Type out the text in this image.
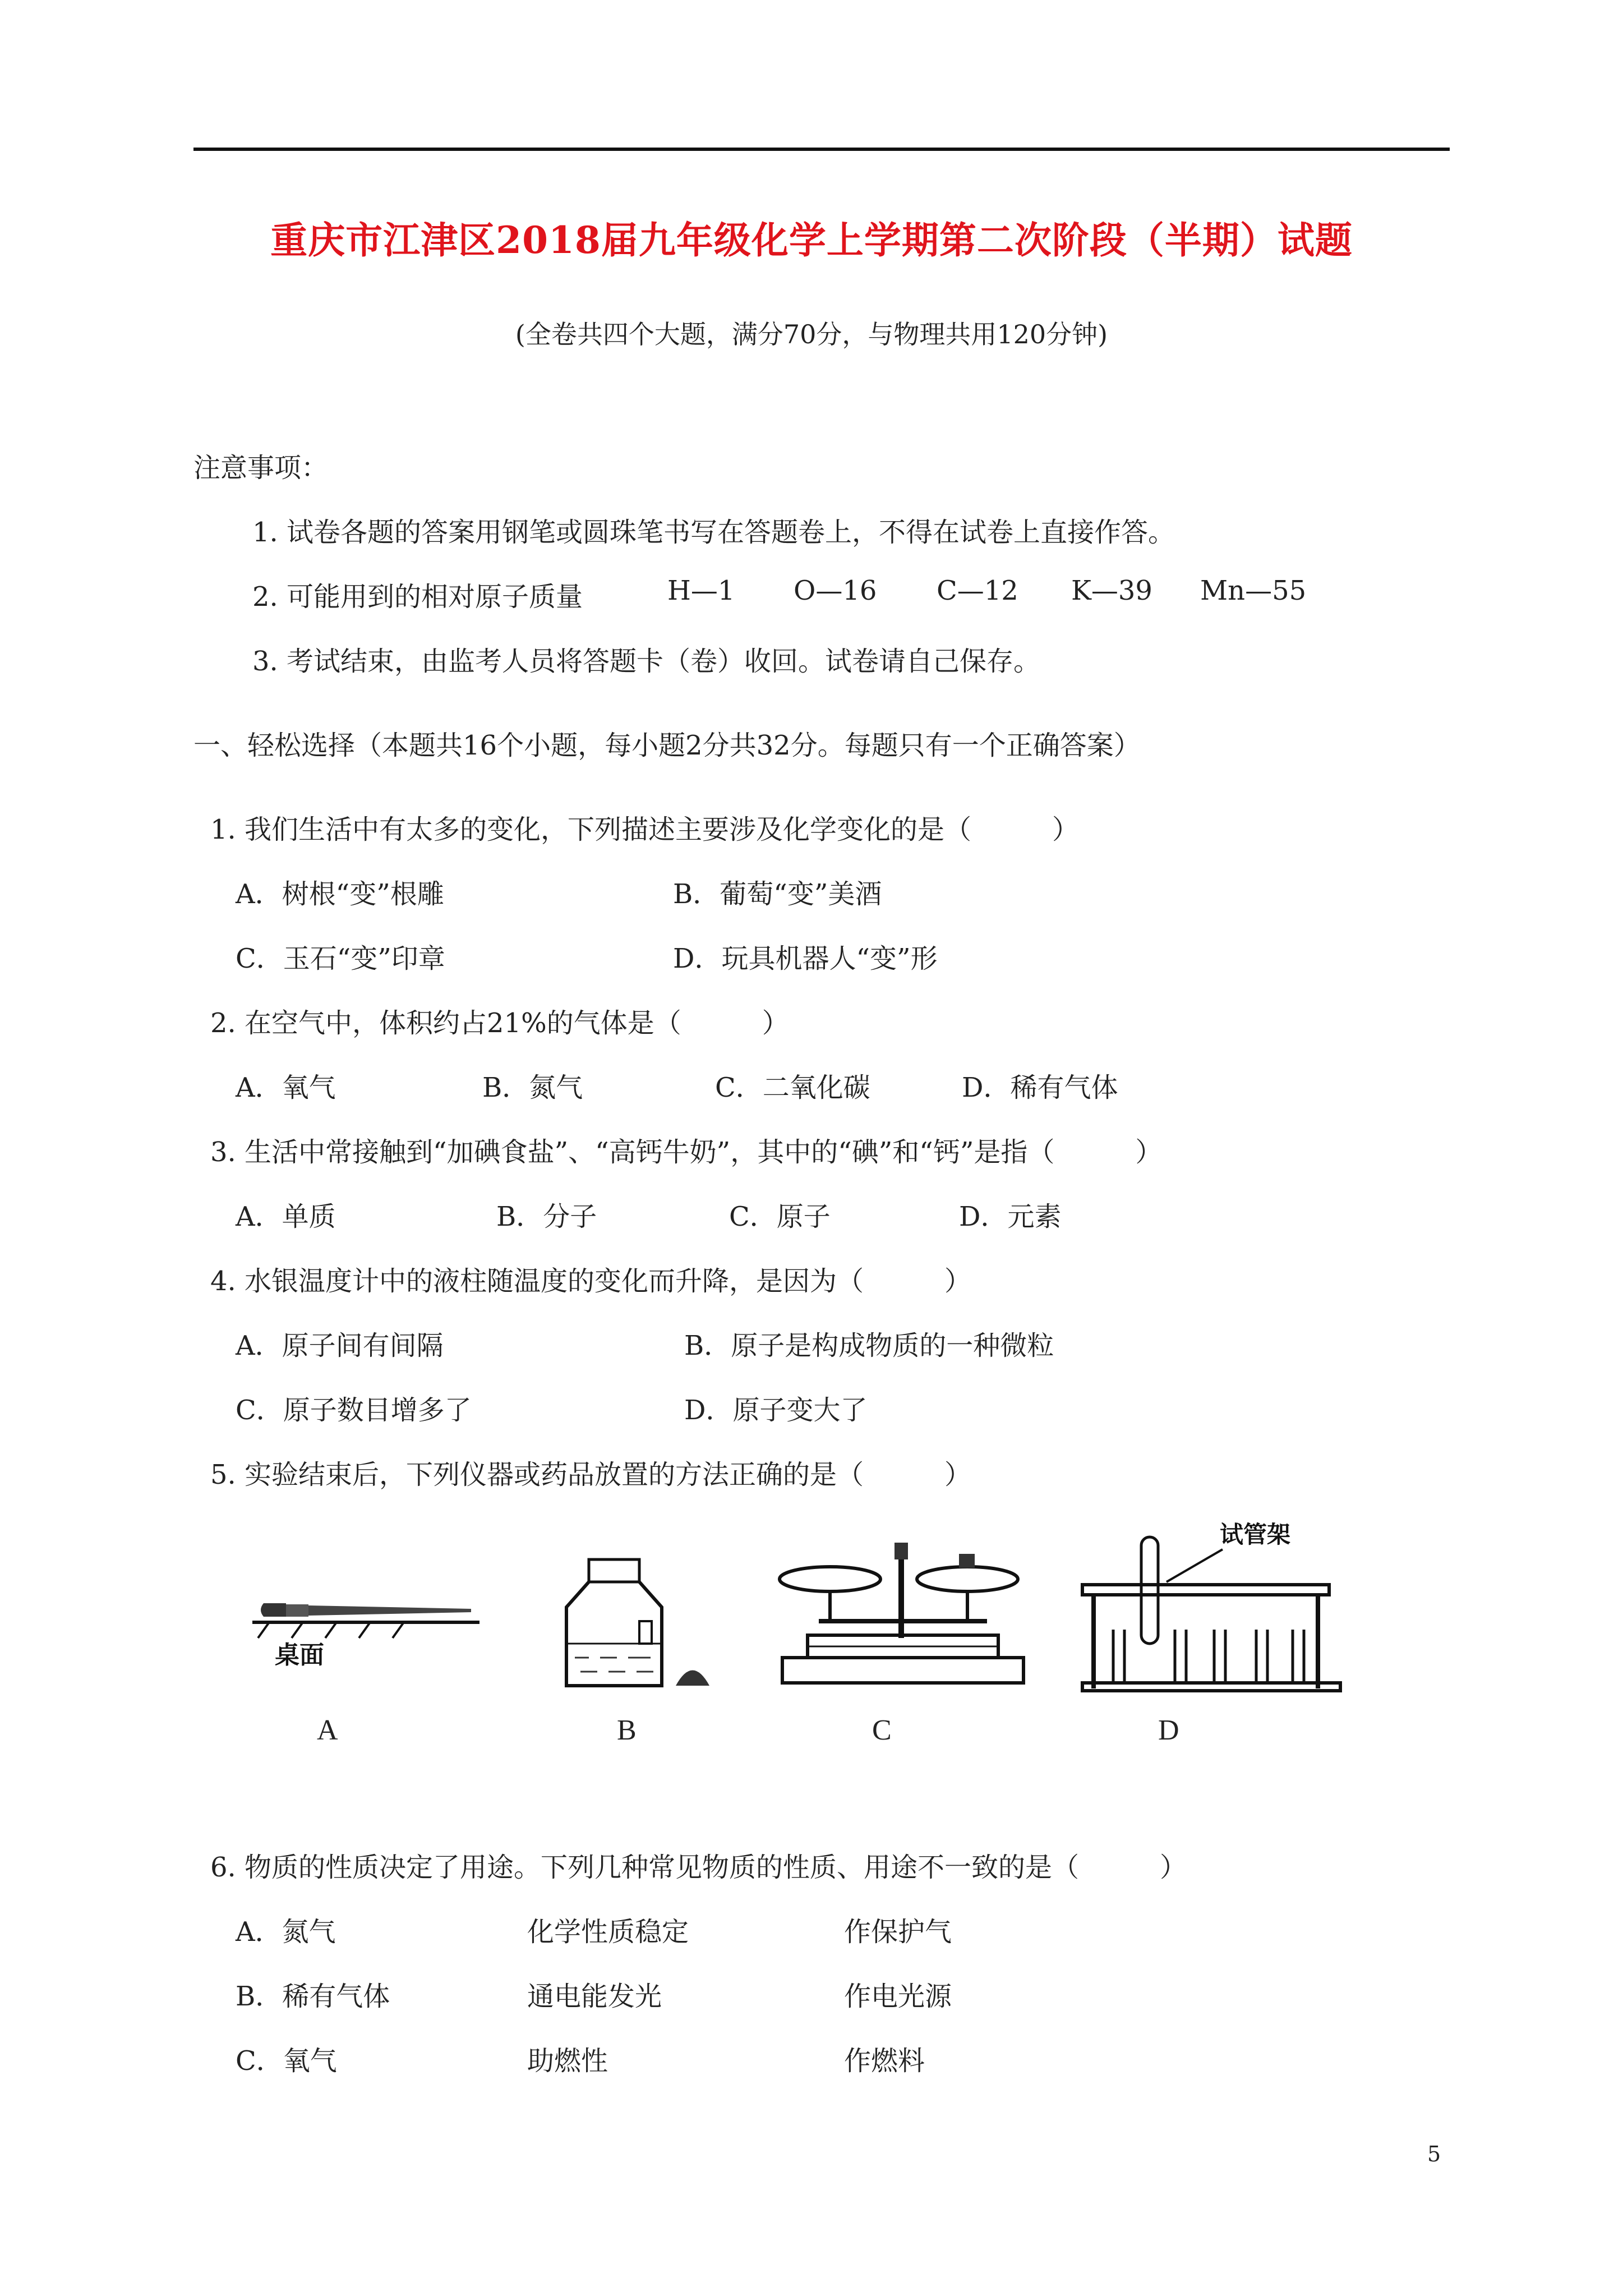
重庆市江津区2018届九年级化学上学期第二次阶段（半期）试题
(全卷共四个大题，满分70分，与物理共用120分钟)
注意事项：
1. 试卷各题的答案用钢笔或圆珠笔书写在答题卷上，不得在试卷上直接作答。
2. 可能用到的相对原子质量	H—1 O—16 C—12 K—39 Mn—55
3. 考试结束，由监考人员将答题卡（卷）收回。试卷请自己保存。
一、轻松选择（本题共16个小题，每小题2分共32分。每题只有一个正确答案）
1. 我们生活中有太多的变化，下列描述主要涉及化学变化的是（　　　）
A．树根“变”根雕	B．葡萄“变”美酒
C．玉石“变”印章	D．玩具机器人“变”形
2. 在空气中，体积约占21%的气体是（　　　）
A．氧气	B．氮气	C．二氧化碳	D．稀有气体
3. 生活中常接触到“加碘食盐”、“高钙牛奶”，其中的“碘”和“钙”是指（　　　）
A．单质	B．分子	C．原子	D．元素
4. 水银温度计中的液柱随温度的变化而升降，是因为（　　　）
A．原子间有间隔	B．原子是构成物质的一种微粒
C．原子数目增多了	D．原子变大了
5. 实验结束后，下列仪器或药品放置的方法正确的是（　　　）
桌面
试管架
A	B	C	D
6. 物质的性质决定了用途。下列几种常见物质的性质、用途不一致的是（　　　）
A．氮气	化学性质稳定	作保护气
B．稀有气体	通电能发光	作电光源
C．氧气	助燃性	作燃料
5
